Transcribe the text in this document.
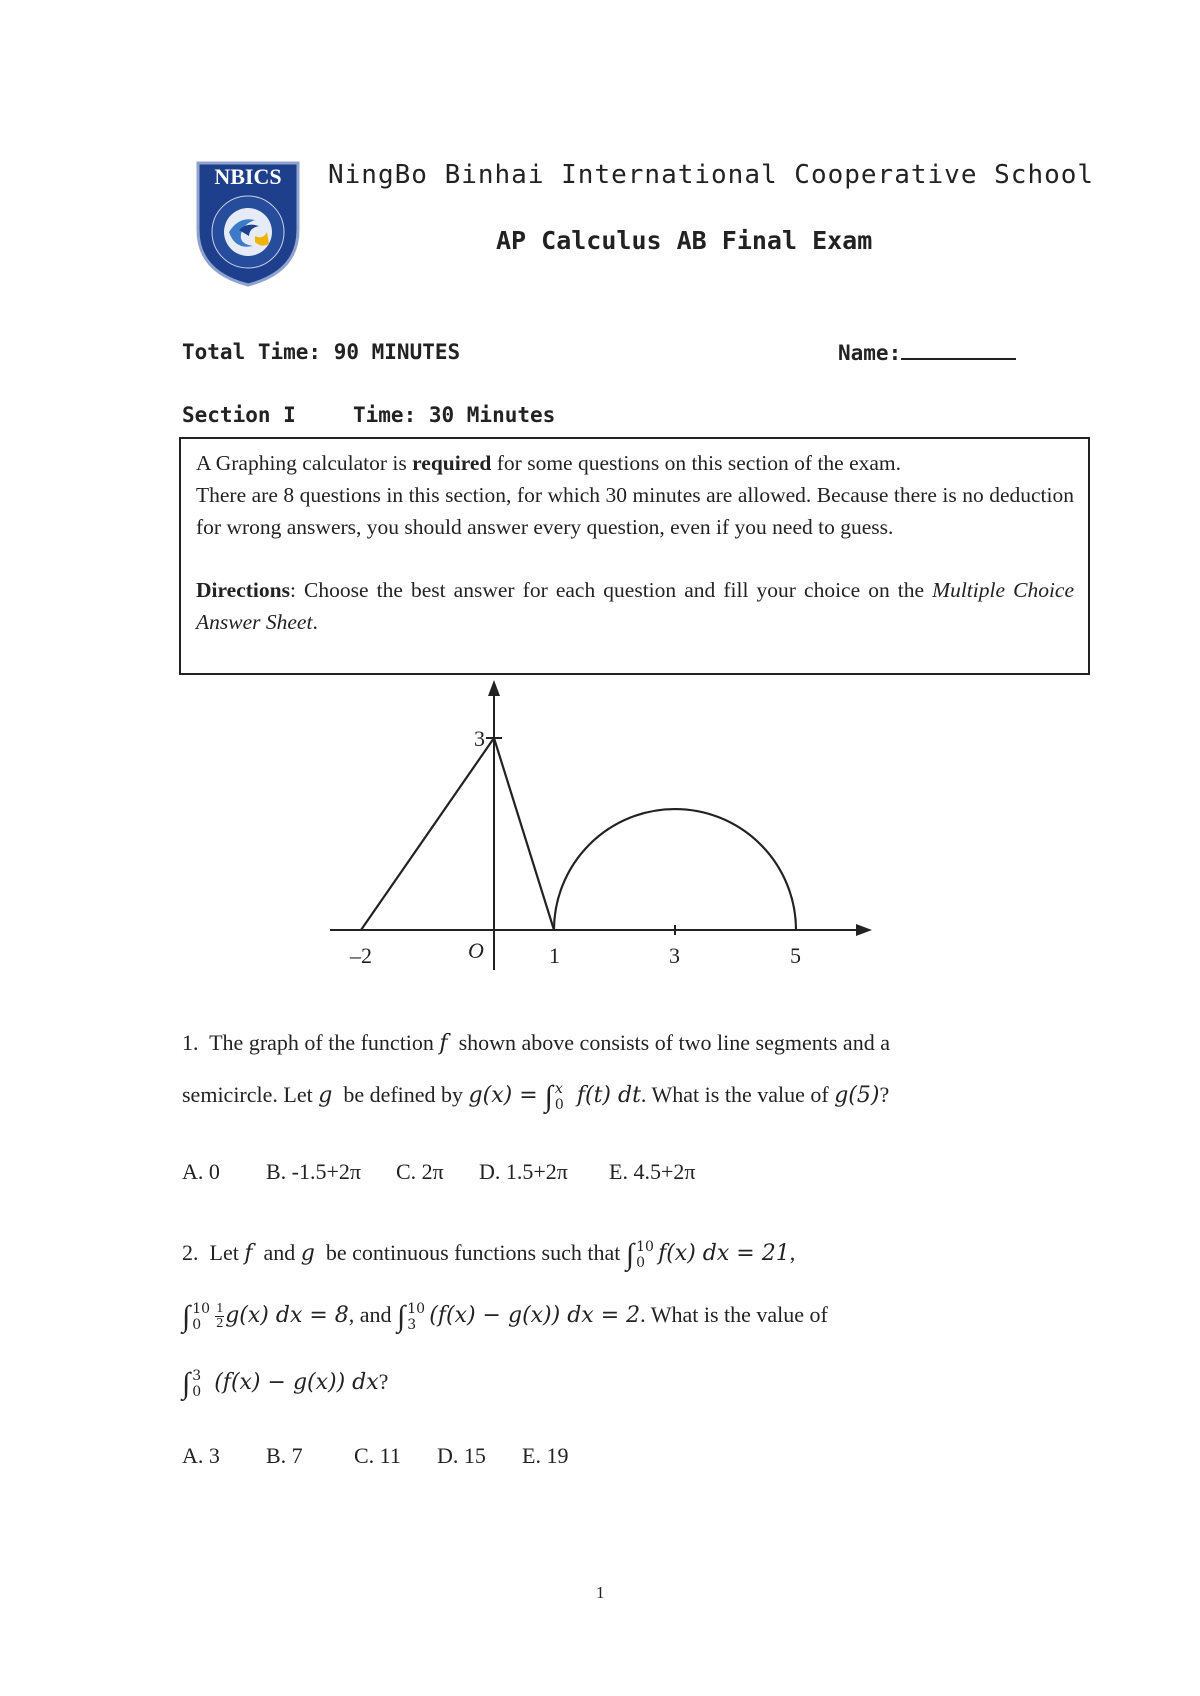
NBICS NingBo Binhai International Cooperative School
AP Calculus AB Final Exam
Total Time: 90 MINUTES	Name:
Section I	Time: 30 Minutes

A Graphing calculator is required for some questions on this section of the exam.

There are 8 questions in this section, for which 30 minutes are allowed. Because there is no deduction for wrong answers, you should answer every question, even if you need to guess.

Directions: Choose the best answer for each question and fill your choice on the Multiple Choice Answer Sheet.

3
O
–2	1	3	5
1. The graph of the function f  shown above consists of two line segments and a
semicircle. Let g  be defined by g(x) = ∫ x
0 f(t) dt. What is the value of g(5)?
A. 0 B. -1.5+2π C. 2π D. 1.5+2π E. 4.5+2π
2. Let f  and g  be continuous functions such that ∫ 10
0 f(x) dx = 21,
∫ 10
$0 \frac{1}{2} g(x)$ dx = 8, and ∫ 10
3 (f(x) − g(x)) dx = 2. What is the value of
∫ 3
0 (f(x) − g(x)) dx?
A. 3 B. 7 C. 11 D. 15 E. 19
1
